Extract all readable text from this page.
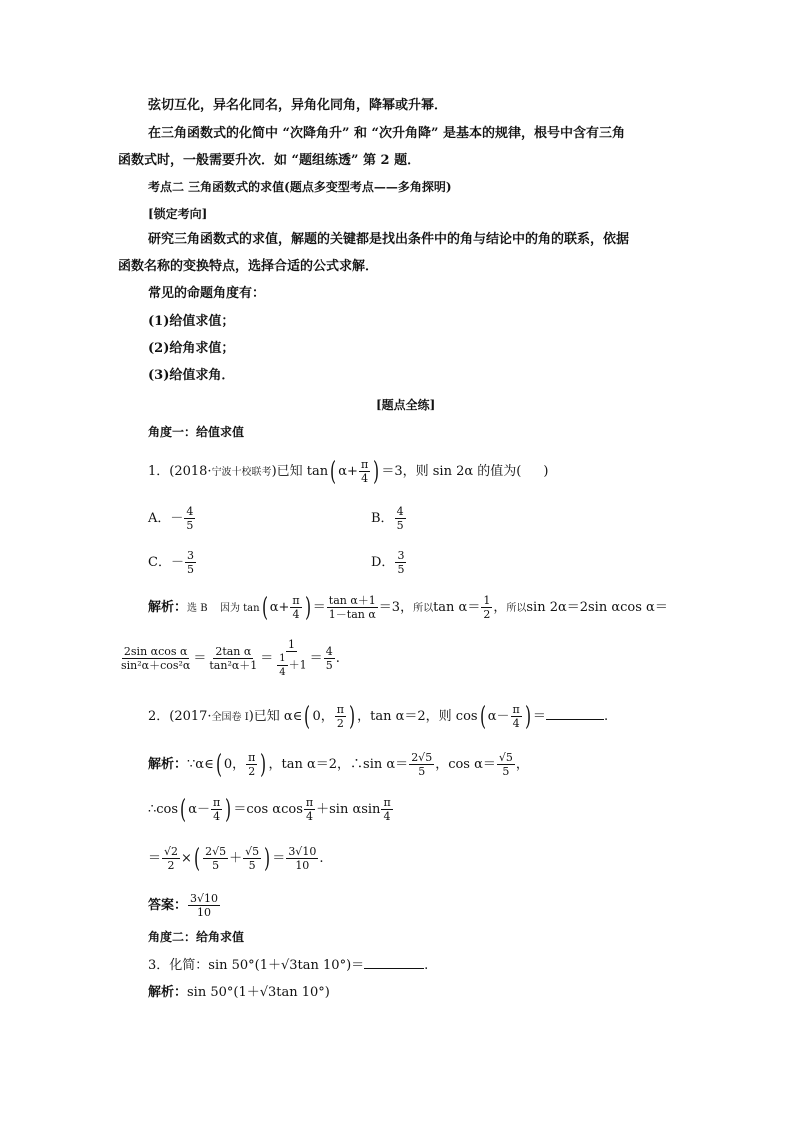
弦切互化，异名化同名，异角化同角，降幂或升幂．
在三角函数式的化简中 “次降角升” 和 “次升角降” 是基本的规律，根号中含有三角
函数式时，一般需要升次．如 “题组练透” 第 2 题．
考点二 三角函数式的求值(题点多变型考点——多角探明)
[锁定考向]
研究三角函数式的求值，解题的关键都是找出条件中的角与结论中的角的联系，依据
函数名称的变换特点，选择合适的公式求解．
常见的命题角度有：
(1)给值求值；
(2)给角求值；
(3)给值求角．
[题点全练]
角度一：给值求值
1．(2018·宁波十校联考)已知 tan( $\alpha+ \frac{\pi}{4}$ ) ＝3，则 sin 2α 的值为( )
A．－ $\frac{4}{5}$	B． $\frac{4}{5}$
C．－ $\frac{3}{5}$	D． $\frac{3}{5}$
解析：选 B 因为 tan( $\alpha+ \frac{\pi}{4}$ ) ＝ $\frac{\text{tan α＋1}}{\text{1－tan α}} =3$，所以$\tan \alpha= \frac{1}{2}$ ，所以sin 2α＝2sin αcos α＝
$\frac{\text{2sin αcos α}}{\text{sin²α＋cos²α}} = \frac{\text{2tan α}}{\text{tan²α＋1}} = \frac{1}{\frac{1}{4} +1} = \frac{4}{5}$ .
2．(2017·全国卷 Ⅰ)已知 α∈( 0， $\frac{\pi}{2}$ ) ，tan α＝2，则 cos( $\alpha- \frac{\pi}{4}$ ) ＝	.
解析：∵α∈( 0， $\frac{\pi}{2}$ ) ，tan α＝2，∴sin $\alpha= \frac{2√5}{5}$ ，$\cos \alpha= \frac{√5}{5}$ ，
∴cos( $\alpha- \frac{\pi}{4}$ ) ＝cos αcos $\frac{\pi}{4} +\sin$ αsin $\frac{\pi}{4}$
＝ $\frac{√2}{2}$ ×( $\frac{2√5}{5} + \frac{√5}{5}$ ) ＝ $\frac{3√10}{10}$ .
答案： $\frac{3√10}{10}$
角度二：给角求值
3．化简：sin 50°(1＋√3tan 10°)＝	.
解析：sin 50°(1＋√3tan 10°)
